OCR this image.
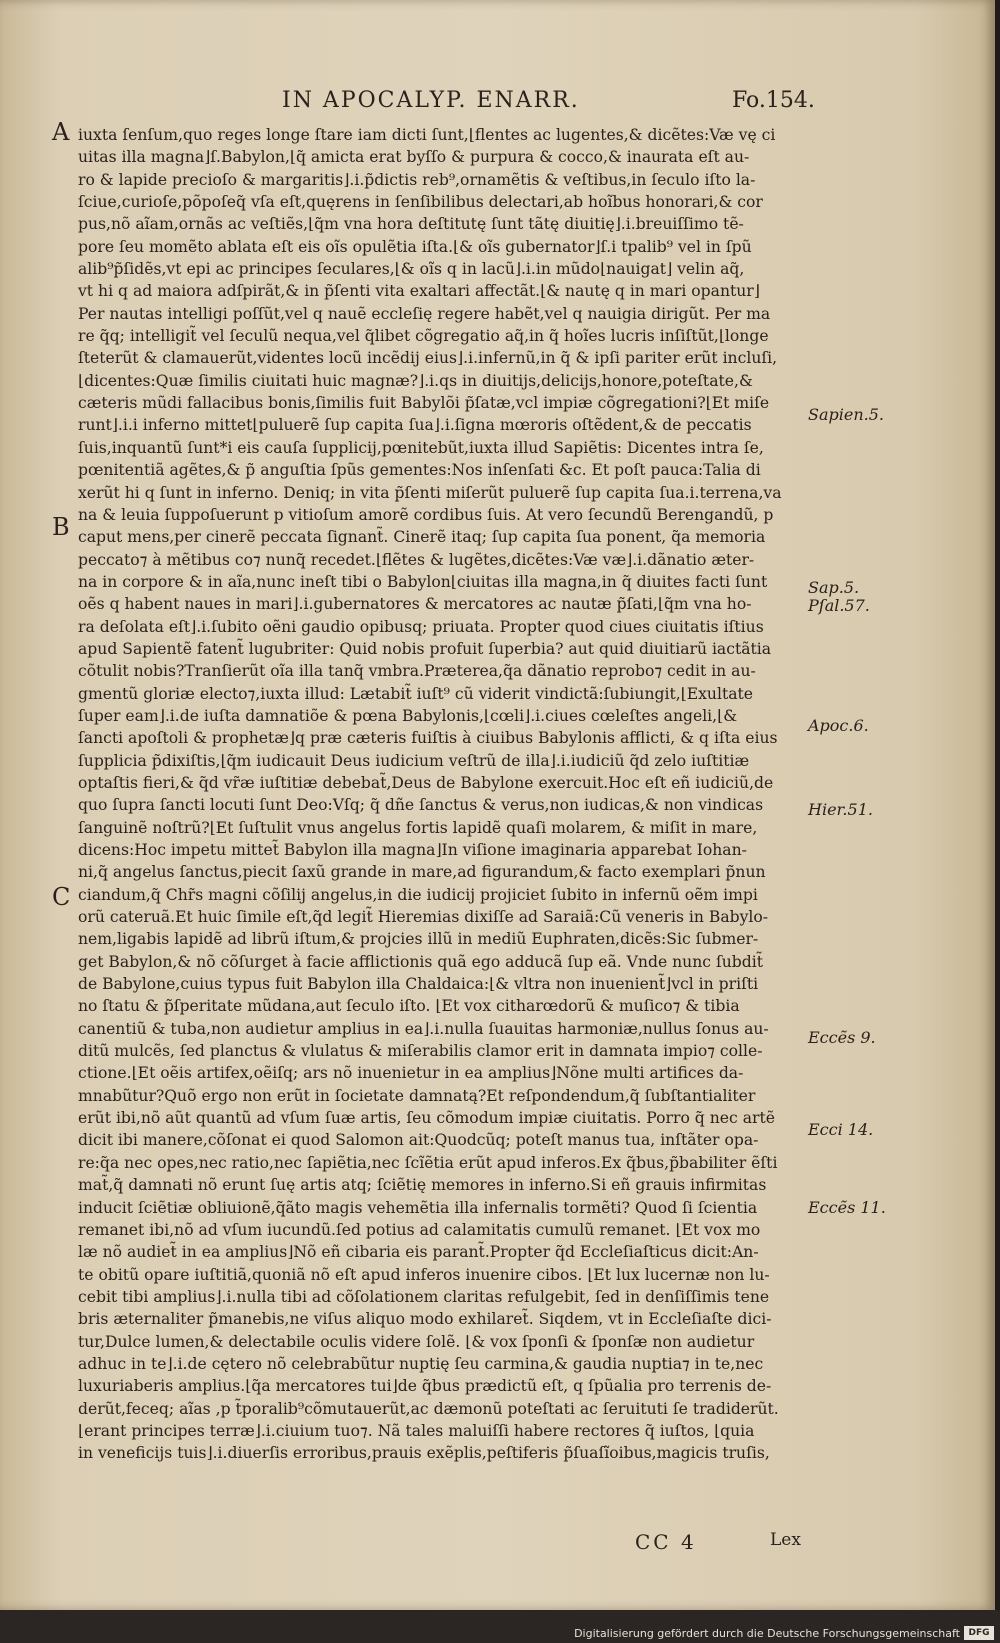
IN APOCALYP. ENARR.	Fo.154.
A
B
C

iuxta ſenſum,quo reges longe ſtare iam dicti ſunt,⌊flentes ac lugentes,& dicẽtes:Væ vę ci

uitas illa magna⌋ſ.Babylon,⌊q̃ amicta erat byſſo & purpura & cocco,& inaurata eſt au-

ro & lapide precioſo & margaritis⌋.i.p̃dictis reb⁹,ornamẽtis & veſtibus,in ſeculo iſto la-

ſciue,curioſe,põpoſeq̃ vſa eſt,quęrens in ſenſibilibus delectari,ab hoĩbus honorari,& cor

pus,nõ aĩam,ornãs ac veſtiẽs,⌊q̃m vna hora deſtitutę ſunt tãtę diuitię⌋.i.breuiſſimo tẽ-

pore ſeu momẽto ablata eſt eis oĩs opulẽtia iſta.⌊& oĩs gubernator⌋ſ.i tpalib⁹ vel in ſpũ

alib⁹p̃ſidẽs,vt epi ac principes ſeculares,⌊& oĩs q in lacũ⌋.i.in mũdo⌊nauigat⌋ velin aq̃,

vt hi q ad maiora adſpirãt,& in p̃ſenti vita exaltari affectãt.⌊& nautę q in mari opantur⌋

Per nautas intelligi poſſũt,vel q nauẽ eccleſię regere habẽt,vel q nauigia dirigũt. Per ma

re q̃q; intelligit̃ vel ſeculũ nequa,vel q̃libet cõgregatio aq̃,in q̃ hoĩes lucris inſiſtũt,⌊longe

ſteterũt & clamauerũt,videntes locũ incẽdij eius⌋.i.infernũ,in q̃ & ipſi pariter erũt incluſi,

⌊dicentes:Quæ ſimilis ciuitati huic magnæ?⌋.i.qs in diuitijs,delicijs,honore,poteſtate,&

cæteris mũdi fallacibus bonis,ſimilis fuit Babylõi p̃ſatæ,vcl impiæ cõgregationi?⌊Et miſe

runt⌋.i.i inferno mittet⌊puluerẽ ſup capita ſua⌋.i.ſigna mœroris oſtẽdent,& de peccatis

ſuis,inquantũ ſunt*i eis cauſa ſupplicij,pœnitebũt,iuxta illud Sapiẽtis: Dicentes intra ſe,

pœnitentiã agẽtes,& p̃ anguſtia ſpũs gementes:Nos inſenſati &c. Et poſt pauca:Talia di

xerũt hi q ſunt in inferno. Deniq; in vita p̃ſenti miſerũt puluerẽ ſup capita ſua.i.terrena,va

na & leuia ſuppoſuerunt p vitioſum amorẽ cordibus ſuis. At vero ſecundũ Berengandũ, p

caput mens,per cinerẽ peccata ſignant̃. Cinerẽ itaq; ſup capita ſua ponent, q̃a memoria

peccato⁊ à mẽtibus co⁊ nunq̃ recedet.⌊flẽtes & lugẽtes,dicẽtes:Væ væ⌋.i.dãnatio æter-

na in corpore & in aĩa,nunc ineſt tibi o Babylon⌊ciuitas illa magna,in q̃ diuites facti ſunt

oẽs q habent naues in mari⌋.i.gubernatores & mercatores ac nautæ p̃ſati,⌊q̃m vna ho-

ra deſolata eſt⌋.i.ſubito oẽni gaudio opibusq; priuata. Propter quod ciues ciuitatis iſtius

apud Sapientẽ fatent̃ lugubriter: Quid nobis profuit ſuperbia? aut quid diuitiarũ iactãtia

cõtulit nobis?Tranſierũt oĩa illa tanq̃ vmbra.Præterea,q̃a dãnatio reprobo⁊ cedit in au-

gmentũ gloriæ electo⁊,iuxta illud: Lætabit̃ iuſt⁹ cũ viderit vindictã:ſubiungit,⌊Exultate

ſuper eam⌋.i.de iuſta damnatiõe & pœna Babylonis,⌊cœli⌋.i.ciues cœleſtes angeli,⌊&

ſancti apoſtoli & prophetæ⌋q præ cæteris fuiſtis à ciuibus Babylonis afflicti, & q iſta eius

ſupplicia p̃dixiſtis,⌊q̃m iudicauit Deus iudicium veſtrũ de illa⌋.i.iudiciũ q̃d zelo iuſtitiæ

optaſtis fieri,& q̃d vr̃æ iuſtitiæ debebat̃,Deus de Babylone exercuit.Hoc eſt eñ iudiciũ,de

quo ſupra ſancti locuti ſunt Deo:Vſq; q̃ dñe ſanctus & verus,non iudicas,& non vindicas

ſanguinẽ noſtrũ?⌊Et ſuſtulit vnus angelus fortis lapidẽ quaſi molarem, & miſit in mare,

dicens:Hoc impetu mittet̃ Babylon illa magna⌋In viſione imaginaria apparebat Iohan-

ni,q̃ angelus ſanctus,piecit ſaxũ grande in mare,ad figurandum,& facto exemplari p̃nun

ciandum,q̃ Chr̃s magni cõſilij angelus,in die iudicij projiciet ſubito in infernũ oẽm impi

orũ cateruã.Et huic ſimile eſt,q̃d legit̃ Hieremias dixiſſe ad Saraiã:Cũ veneris in Babylo-

nem,ligabis lapidẽ ad librũ iſtum,& projcies illũ in mediũ Euphraten,dicẽs:Sic ſubmer-

get Babylon,& nõ cõſurget à facie afflictionis quã ego adducã ſup eã. Vnde nunc ſubdit̃

de Babylone,cuius typus fuit Babylon illa Chaldaica:⌊& vltra non inuenient̃⌋vcl in priſti

no ſtatu & p̃ſperitate mũdana,aut ſeculo iſto. ⌊Et vox citharœdorũ & muſico⁊ & tibia

canentiũ & tuba,non audietur amplius in ea⌋.i.nulla ſuauitas harmoniæ,nullus ſonus au-

ditũ mulcẽs, ſed planctus & vlulatus & miſerabilis clamor erit in damnata impio⁊ colle-

ctione.⌊Et oẽis artifex,oẽiſq; ars nõ inuenietur in ea amplius⌋Nõne multi artifices da-

mnabũtur?Quõ ergo non erũt in ſocietate damnatą?Et reſpondendum,q̃ ſubſtantialiter

erũt ibi,nõ aũt quantũ ad vſum ſuæ artis, ſeu cõmodum impiæ ciuitatis. Porro q̃ nec artẽ

dicit ibi manere,cõſonat ei quod Salomon ait:Quodcũq; poteſt manus tua, inſtãter opa-

re:q̃a nec opes,nec ratio,nec ſapiẽtia,nec ſcĩẽtia erũt apud inferos.Ex q̃bus,p̃babiliter ẽſti

mat̃,q̃ damnati nõ erunt ſuę artis atq; ſciẽtię memores in inferno.Si eñ grauis infirmitas

inducit ſciẽtiæ obliuionẽ,q̃ãto magis vehemẽtia illa infernalis tormẽti? Quod ſi ſcientia

remanet ibi,nõ ad vſum iucundũ.ſed potius ad calamitatis cumulũ remanet. ⌊Et vox mo

læ nõ audiet̃ in ea amplius⌋Nõ eñ cibaria eis parant̃.Propter q̃d Eccleſiaſticus dicit:An-

te obitũ opare iuſtitiã,quoniã nõ eſt apud inferos inuenire cibos. ⌊Et lux lucernæ non lu-

cebit tibi amplius⌋.i.nulla tibi ad cõſolationem claritas refulgebit, ſed in denſiſſimis tene

bris æternaliter p̃manebis,ne viſus aliquo modo exhilaret̃. Siqdem, vt in Eccleſiaſte dici-

tur,Dulce lumen,& delectabile oculis videre ſolẽ. ⌊& vox ſponſi & ſponſæ non audietur

adhuc in te⌋.i.de cętero nõ celebrabũtur nuptię ſeu carmina,& gaudia nuptia⁊ in te,nec

luxuriaberis amplius.⌊q̃a mercatores tui⌋de q̃bus prædictũ eſt, q ſpũalia pro terrenis de-

derũt,feceq; aĩas ,p t̃poralib⁹cõmutauerũt,ac dæmonũ poteſtati ac ſeruituti ſe tradiderũt.

⌊erant principes terræ⌋.i.ciuium tuo⁊. Nã tales maluiſſi habere rectores q̃ iuſtos, ⌊quia

in veneficijs tuis⌋.i.diuerſis erroribus,prauis exẽplis,peſtiferis p̃ſuaſĩoibus,magicis truſis,

Sapien.5.
Sap.5.
Pſal.57.
Apoc.6.
Hier.51.
Eccẽs 9.
Ecci 14.
Eccẽs 11.
CC 4	Lex
Digitalisierung gefördert durch die Deutsche Forschungsgemeinschaft DFG
